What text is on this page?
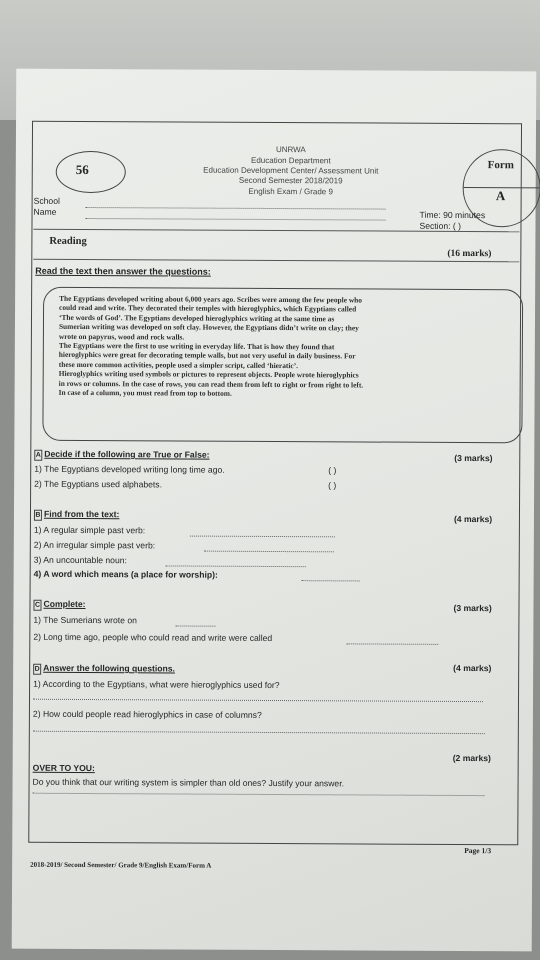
56
UNRWA
Education Department
Education Development Center/ Assessment Unit
Second Semester 2018/2019
English Exam / Grade 9
Form
A
School
Name	Time: 90 minutes
Section: ( )
Reading
(16 marks)
Read the text then answer the questions:
The Egyptians developed writing about 6,000 years ago. Scribes were among the few people who
could read and write. They decorated their temples with hieroglyphics, which Egyptians called
‘The words of God’. The Egyptians developed hieroglyphics writing at the same time as
Sumerian writing was developed on soft clay. However, the Egyptians didn’t write on clay; they
wrote on papyrus, wood and rock walls.
The Egyptians were the first to use writing in everyday life. That is how they found that
hieroglyphics were great for decorating temple walls, but not very useful in daily business. For
these more common activities, people used a simpler script, called ‘hieratic’.
Hieroglyphics writing used symbols or pictures to represent objects. People wrote hieroglyphics
in rows or columns. In the case of rows, you can read them from left to right or from right to left.
In case of a column, you must read from top to bottom.
A Decide if the following are True or False:	(3 marks)
1) The Egyptians developed writing long time ago.	( )
2) The Egyptians used alphabets.	( )
B Find from the text:	(4 marks)
1) A regular simple past verb:
2) An irregular simple past verb:
3) An uncountable noun:
4) A word which means (a place for worship):
C Complete:	(3 marks)
1) The Sumerians wrote on
2) Long time ago, people who could read and write were called
D Answer the following questions.	(4 marks)
1) According to the Egyptians, what were hieroglyphics used for?
2) How could people read hieroglyphics in case of columns?
(2 marks)
OVER TO YOU:
Do you think that our writing system is simpler than old ones? Justify your answer.
Page 1/3
2018-2019/ Second Semester/ Grade 9/English Exam/Form A
